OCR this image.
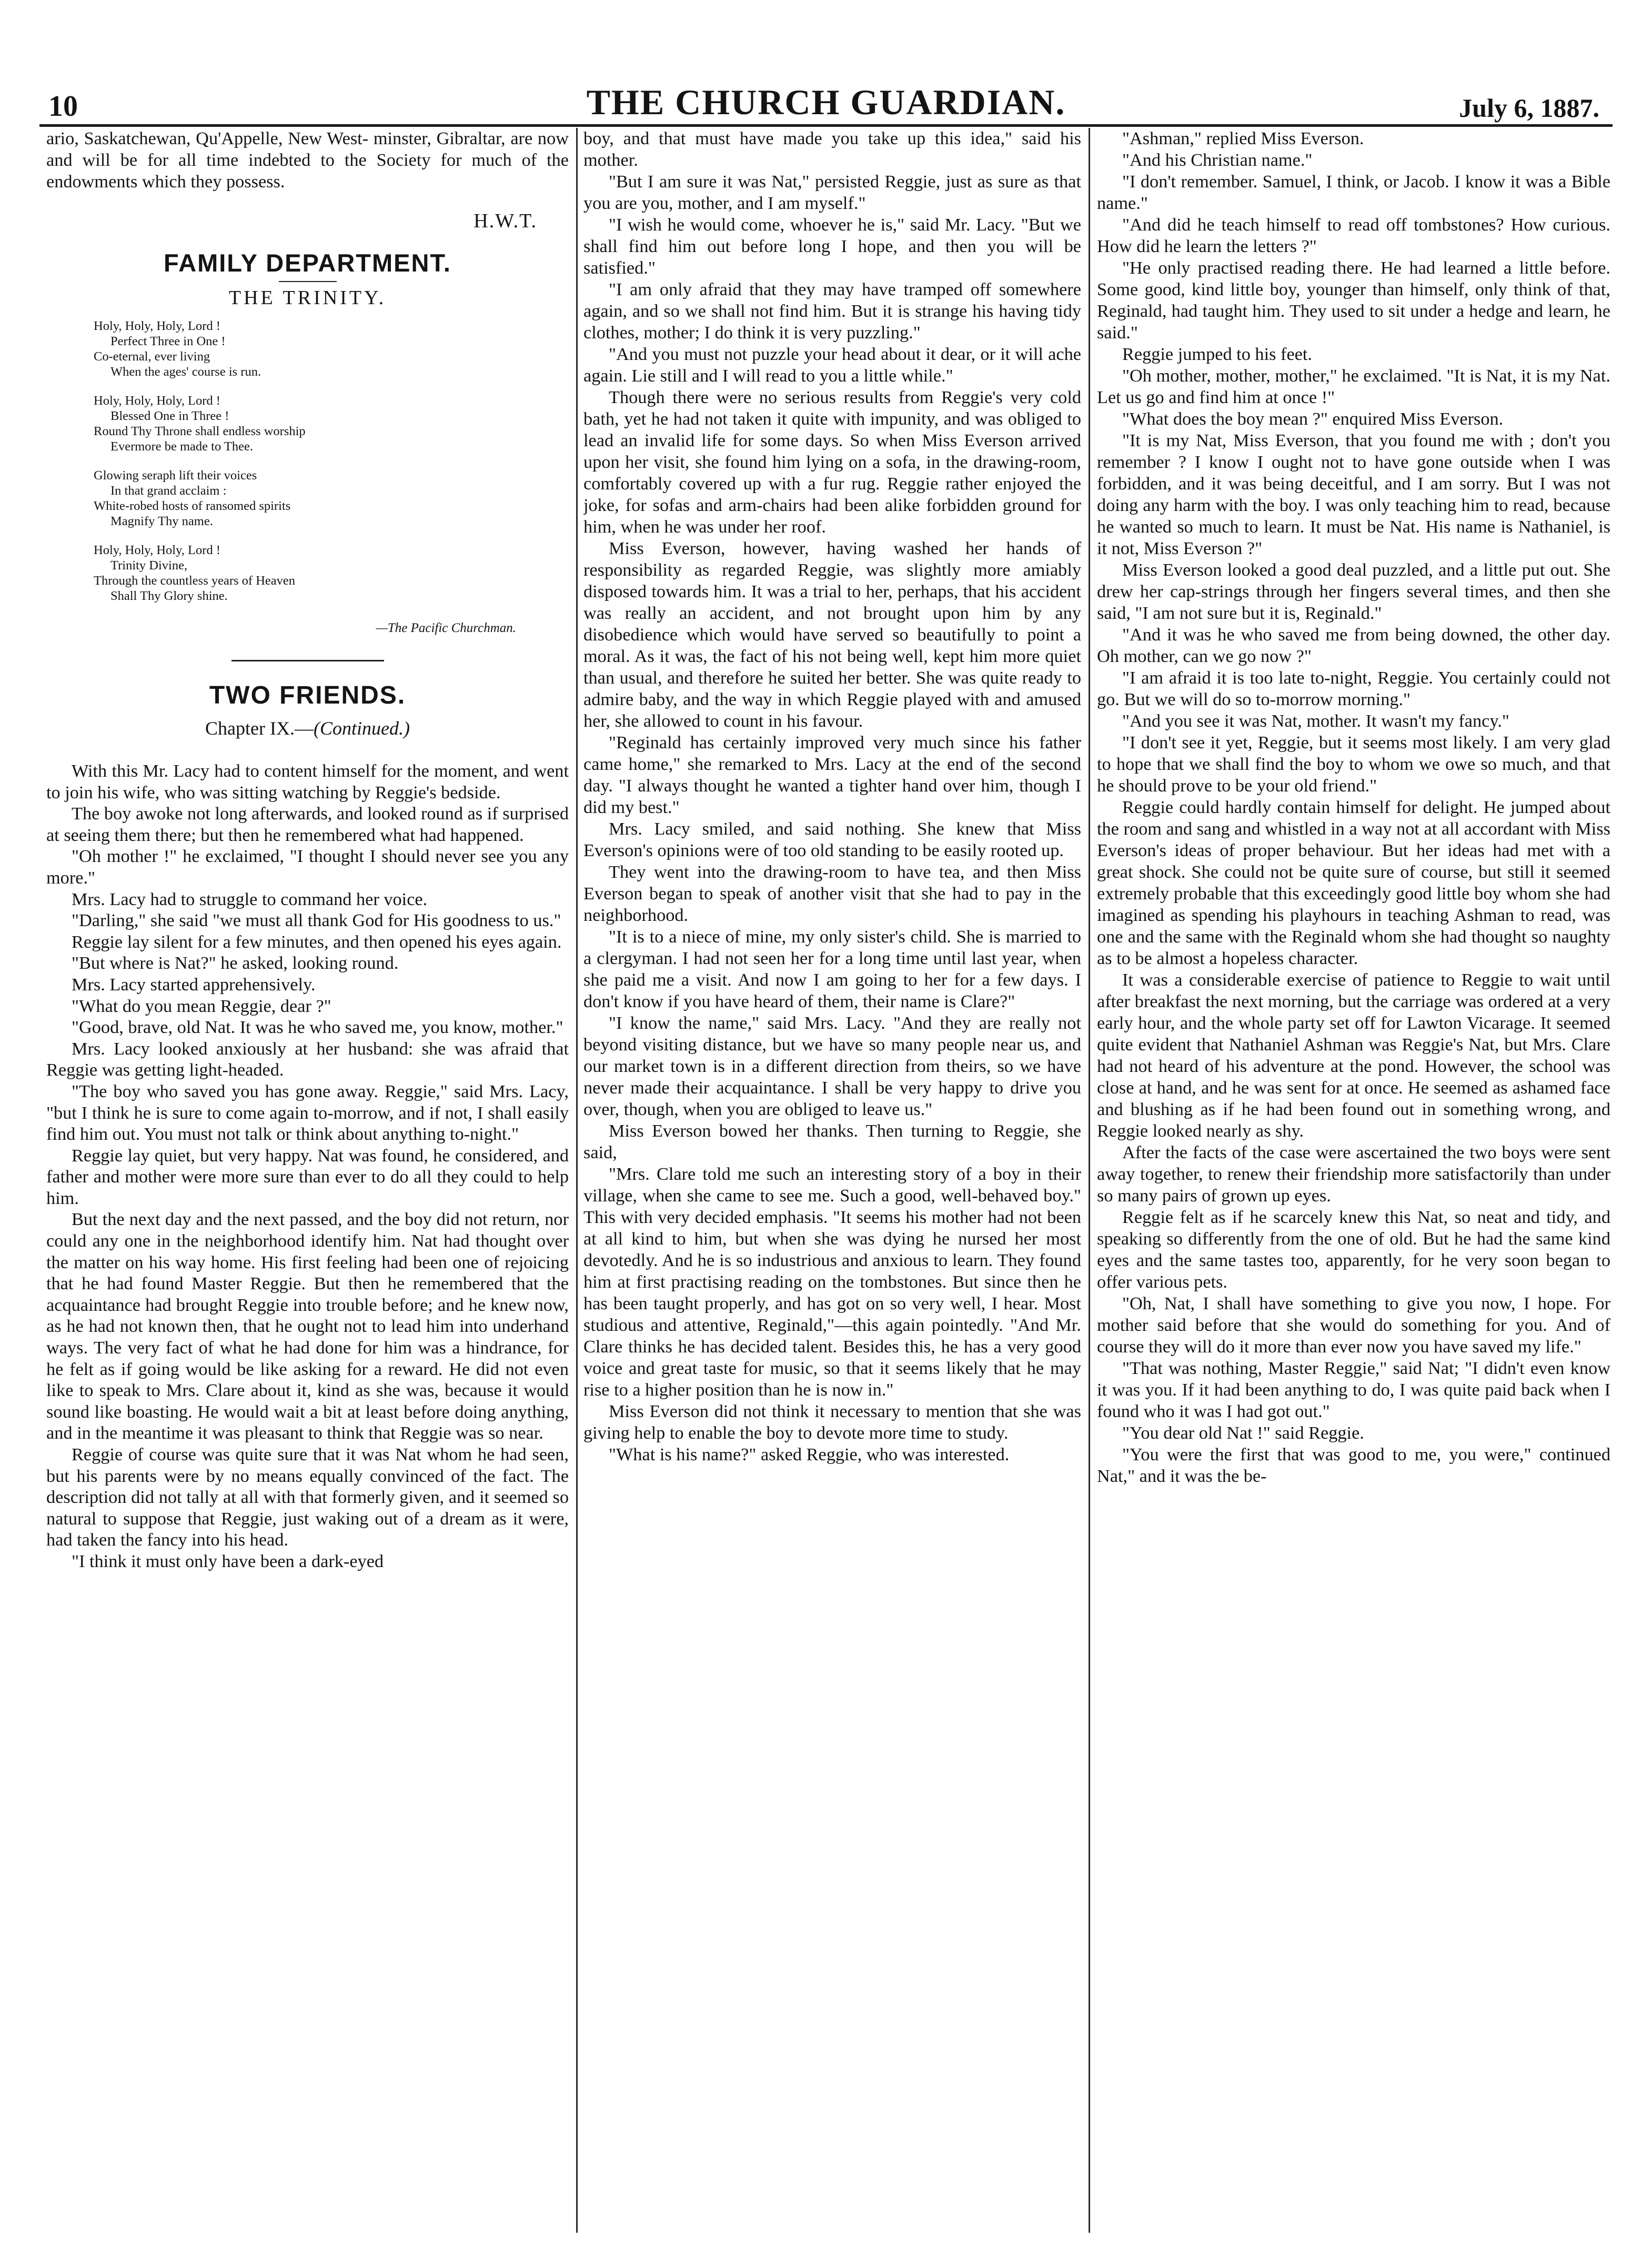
10	THE CHURCH GUARDIAN.	July 6, 1887.

ario, Saskatchewan, Qu'Appelle, New West- minster, Gibraltar, are now and will be for all time indebted to the Society for much of the endowments which they possess.

H.W.T.

FAMILY DEPARTMENT.
THE TRINITY.
Holy, Holy, Holy, Lord !
Perfect Three in One !
Co-eternal, ever living
When the ages' course is run.
Holy, Holy, Holy, Lord !
Blessed One in Three !
Round Thy Throne shall endless worship
Evermore be made to Thee.
Glowing seraph lift their voices
In that grand acclaim :
White-robed hosts of ransomed spirits
Magnify Thy name.
Holy, Holy, Holy, Lord !
Trinity Divine,
Through the countless years of Heaven
Shall Thy Glory shine.
—The Pacific Churchman.
TWO FRIENDS.
Chapter IX.—(Continued.)

With this Mr. Lacy had to content himself for the moment, and went to join his wife, who was sitting watching by Reggie's bedside.

The boy awoke not long afterwards, and looked round as if surprised at seeing them there; but then he remembered what had happened.

"Oh mother !" he exclaimed, "I thought I should never see you any more."

Mrs. Lacy had to struggle to command her voice.

"Darling," she said "we must all thank God for His goodness to us."

Reggie lay silent for a few minutes, and then opened his eyes again.

"But where is Nat?" he asked, looking round.

Mrs. Lacy started apprehensively.

"What do you mean Reggie, dear ?"

"Good, brave, old Nat. It was he who saved me, you know, mother."

Mrs. Lacy looked anxiously at her husband: she was afraid that Reggie was getting light-headed.

"The boy who saved you has gone away. Reggie," said Mrs. Lacy, "but I think he is sure to come again to-morrow, and if not, I shall easily find him out. You must not talk or think about anything to-night."

Reggie lay quiet, but very happy. Nat was found, he considered, and father and mother were more sure than ever to do all they could to help him.

But the next day and the next passed, and the boy did not return, nor could any one in the neighborhood identify him. Nat had thought over the matter on his way home. His first feeling had been one of rejoicing that he had found Master Reggie. But then he remembered that the acquaintance had brought Reggie into trouble before; and he knew now, as he had not known then, that he ought not to lead him into underhand ways. The very fact of what he had done for him was a hindrance, for he felt as if going would be like asking for a reward. He did not even like to speak to Mrs. Clare about it, kind as she was, because it would sound like boasting. He would wait a bit at least before doing anything, and in the meantime it was pleasant to think that Reggie was so near.

Reggie of course was quite sure that it was Nat whom he had seen, but his parents were by no means equally convinced of the fact. The description did not tally at all with that formerly given, and it seemed so natural to suppose that Reggie, just waking out of a dream as it were, had taken the fancy into his head.

"I think it must only have been a dark-eyed

boy, and that must have made you take up this idea," said his mother.

"But I am sure it was Nat," persisted Reggie, just as sure as that you are you, mother, and I am myself."

"I wish he would come, whoever he is," said Mr. Lacy. "But we shall find him out before long I hope, and then you will be satisfied."

"I am only afraid that they may have tramped off somewhere again, and so we shall not find him. But it is strange his having tidy clothes, mother; I do think it is very puzzling."

"And you must not puzzle your head about it dear, or it will ache again. Lie still and I will read to you a little while."

Though there were no serious results from Reggie's very cold bath, yet he had not taken it quite with impunity, and was obliged to lead an invalid life for some days. So when Miss Everson arrived upon her visit, she found him lying on a sofa, in the drawing-room, comfortably covered up with a fur rug. Reggie rather enjoyed the joke, for sofas and arm-chairs had been alike forbidden ground for him, when he was under her roof.

Miss Everson, however, having washed her hands of responsibility as regarded Reggie, was slightly more amiably disposed towards him. It was a trial to her, perhaps, that his accident was really an accident, and not brought upon him by any disobedience which would have served so beautifully to point a moral. As it was, the fact of his not being well, kept him more quiet than usual, and therefore he suited her better. She was quite ready to admire baby, and the way in which Reggie played with and amused her, she allowed to count in his favour.

"Reginald has certainly improved very much since his father came home," she remarked to Mrs. Lacy at the end of the second day. "I always thought he wanted a tighter hand over him, though I did my best."

Mrs. Lacy smiled, and said nothing. She knew that Miss Everson's opinions were of too old standing to be easily rooted up.

They went into the drawing-room to have tea, and then Miss Everson began to speak of another visit that she had to pay in the neighborhood.

"It is to a niece of mine, my only sister's child. She is married to a clergyman. I had not seen her for a long time until last year, when she paid me a visit. And now I am going to her for a few days. I don't know if you have heard of them, their name is Clare?"

"I know the name," said Mrs. Lacy. "And they are really not beyond visiting distance, but we have so many people near us, and our market town is in a different direction from theirs, so we have never made their acquaintance. I shall be very happy to drive you over, though, when you are obliged to leave us."

Miss Everson bowed her thanks. Then turning to Reggie, she said,

"Mrs. Clare told me such an interesting story of a boy in their village, when she came to see me. Such a good, well-behaved boy." This with very decided emphasis. "It seems his mother had not been at all kind to him, but when she was dying he nursed her most devotedly. And he is so industrious and anxious to learn. They found him at first practising reading on the tombstones. But since then he has been taught properly, and has got on so very well, I hear. Most studious and attentive, Reginald,"—this again pointedly. "And Mr. Clare thinks he has decided talent. Besides this, he has a very good voice and great taste for music, so that it seems likely that he may rise to a higher position than he is now in."

Miss Everson did not think it necessary to mention that she was giving help to enable the boy to devote more time to study.

"What is his name?" asked Reggie, who was interested.

"Ashman," replied Miss Everson.

"And his Christian name."

"I don't remember. Samuel, I think, or Jacob. I know it was a Bible name."

"And did he teach himself to read off tombstones? How curious. How did he learn the letters ?"

"He only practised reading there. He had learned a little before. Some good, kind little boy, younger than himself, only think of that, Reginald, had taught him. They used to sit under a hedge and learn, he said."

Reggie jumped to his feet.

"Oh mother, mother, mother," he exclaimed. "It is Nat, it is my Nat. Let us go and find him at once !"

"What does the boy mean ?" enquired Miss Everson.

"It is my Nat, Miss Everson, that you found me with ; don't you remember ? I know I ought not to have gone outside when I was forbidden, and it was being deceitful, and I am sorry. But I was not doing any harm with the boy. I was only teaching him to read, because he wanted so much to learn. It must be Nat. His name is Nathaniel, is it not, Miss Everson ?"

Miss Everson looked a good deal puzzled, and a little put out. She drew her cap-strings through her fingers several times, and then she said, "I am not sure but it is, Reginald."

"And it was he who saved me from being downed, the other day. Oh mother, can we go now ?"

"I am afraid it is too late to-night, Reggie. You certainly could not go. But we will do so to-morrow morning."

"And you see it was Nat, mother. It wasn't my fancy."

"I don't see it yet, Reggie, but it seems most likely. I am very glad to hope that we shall find the boy to whom we owe so much, and that he should prove to be your old friend."

Reggie could hardly contain himself for delight. He jumped about the room and sang and whistled in a way not at all accordant with Miss Everson's ideas of proper behaviour. But her ideas had met with a great shock. She could not be quite sure of course, but still it seemed extremely probable that this exceedingly good little boy whom she had imagined as spending his playhours in teaching Ashman to read, was one and the same with the Reginald whom she had thought so naughty as to be almost a hopeless character.

It was a considerable exercise of patience to Reggie to wait until after breakfast the next morning, but the carriage was ordered at a very early hour, and the whole party set off for Lawton Vicarage. It seemed quite evident that Nathaniel Ashman was Reggie's Nat, but Mrs. Clare had not heard of his adventure at the pond. However, the school was close at hand, and he was sent for at once. He seemed as ashamed face and blushing as if he had been found out in something wrong, and Reggie looked nearly as shy.

After the facts of the case were ascertained the two boys were sent away together, to renew their friendship more satisfactorily than under so many pairs of grown up eyes.

Reggie felt as if he scarcely knew this Nat, so neat and tidy, and speaking so differently from the one of old. But he had the same kind eyes and the same tastes too, apparently, for he very soon began to offer various pets.

"Oh, Nat, I shall have something to give you now, I hope. For mother said before that she would do something for you. And of course they will do it more than ever now you have saved my life."

"That was nothing, Master Reggie," said Nat; "I didn't even know it was you. If it had been anything to do, I was quite paid back when I found who it was I had got out."

"You dear old Nat !" said Reggie.

"You were the first that was good to me, you were," continued Nat," and it was the be-
